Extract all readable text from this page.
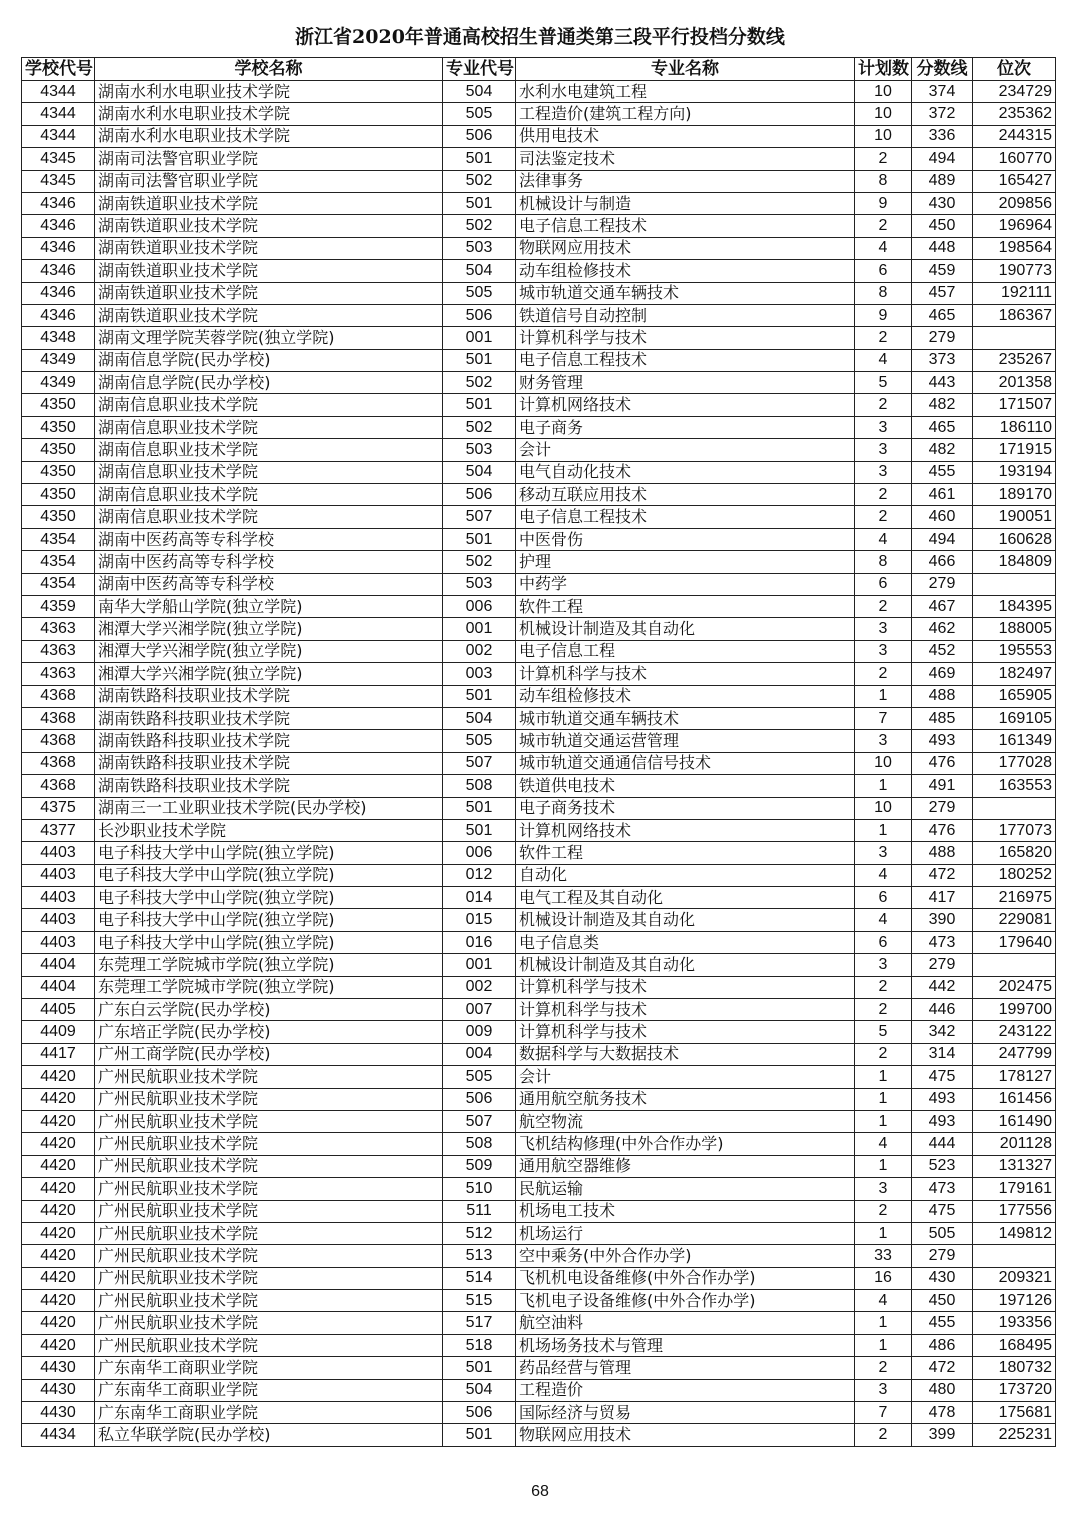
浙江省2020年普通高校招生普通类第三段平行投档分数线
学校代号	学校名称	专业代号	专业名称	计划数	分数线	位次
4344	湖南水利水电职业技术学院	504	水利水电建筑工程	10	374	234729
4344	湖南水利水电职业技术学院	505	工程造价(建筑工程方向)	10	372	235362
4344	湖南水利水电职业技术学院	506	供用电技术	10	336	244315
4345	湖南司法警官职业学院	501	司法鉴定技术	2	494	160770
4345	湖南司法警官职业学院	502	法律事务	8	489	165427
4346	湖南铁道职业技术学院	501	机械设计与制造	9	430	209856
4346	湖南铁道职业技术学院	502	电子信息工程技术	2	450	196964
4346	湖南铁道职业技术学院	503	物联网应用技术	4	448	198564
4346	湖南铁道职业技术学院	504	动车组检修技术	6	459	190773
4346	湖南铁道职业技术学院	505	城市轨道交通车辆技术	8	457	192111
4346	湖南铁道职业技术学院	506	铁道信号自动控制	9	465	186367
4348	湖南文理学院芙蓉学院(独立学院)	001	计算机科学与技术	2	279	
4349	湖南信息学院(民办学校)	501	电子信息工程技术	4	373	235267
4349	湖南信息学院(民办学校)	502	财务管理	5	443	201358
4350	湖南信息职业技术学院	501	计算机网络技术	2	482	171507
4350	湖南信息职业技术学院	502	电子商务	3	465	186110
4350	湖南信息职业技术学院	503	会计	3	482	171915
4350	湖南信息职业技术学院	504	电气自动化技术	3	455	193194
4350	湖南信息职业技术学院	506	移动互联应用技术	2	461	189170
4350	湖南信息职业技术学院	507	电子信息工程技术	2	460	190051
4354	湖南中医药高等专科学校	501	中医骨伤	4	494	160628
4354	湖南中医药高等专科学校	502	护理	8	466	184809
4354	湖南中医药高等专科学校	503	中药学	6	279	
4359	南华大学船山学院(独立学院)	006	软件工程	2	467	184395
4363	湘潭大学兴湘学院(独立学院)	001	机械设计制造及其自动化	3	462	188005
4363	湘潭大学兴湘学院(独立学院)	002	电子信息工程	3	452	195553
4363	湘潭大学兴湘学院(独立学院)	003	计算机科学与技术	2	469	182497
4368	湖南铁路科技职业技术学院	501	动车组检修技术	1	488	165905
4368	湖南铁路科技职业技术学院	504	城市轨道交通车辆技术	7	485	169105
4368	湖南铁路科技职业技术学院	505	城市轨道交通运营管理	3	493	161349
4368	湖南铁路科技职业技术学院	507	城市轨道交通通信信号技术	10	476	177028
4368	湖南铁路科技职业技术学院	508	铁道供电技术	1	491	163553
4375	湖南三一工业职业技术学院(民办学校)	501	电子商务技术	10	279	
4377	长沙职业技术学院	501	计算机网络技术	1	476	177073
4403	电子科技大学中山学院(独立学院)	006	软件工程	3	488	165820
4403	电子科技大学中山学院(独立学院)	012	自动化	4	472	180252
4403	电子科技大学中山学院(独立学院)	014	电气工程及其自动化	6	417	216975
4403	电子科技大学中山学院(独立学院)	015	机械设计制造及其自动化	4	390	229081
4403	电子科技大学中山学院(独立学院)	016	电子信息类	6	473	179640
4404	东莞理工学院城市学院(独立学院)	001	机械设计制造及其自动化	3	279	
4404	东莞理工学院城市学院(独立学院)	002	计算机科学与技术	2	442	202475
4405	广东白云学院(民办学校)	007	计算机科学与技术	2	446	199700
4409	广东培正学院(民办学校)	009	计算机科学与技术	5	342	243122
4417	广州工商学院(民办学校)	004	数据科学与大数据技术	2	314	247799
4420	广州民航职业技术学院	505	会计	1	475	178127
4420	广州民航职业技术学院	506	通用航空航务技术	1	493	161456
4420	广州民航职业技术学院	507	航空物流	1	493	161490
4420	广州民航职业技术学院	508	飞机结构修理(中外合作办学)	4	444	201128
4420	广州民航职业技术学院	509	通用航空器维修	1	523	131327
4420	广州民航职业技术学院	510	民航运输	3	473	179161
4420	广州民航职业技术学院	511	机场电工技术	2	475	177556
4420	广州民航职业技术学院	512	机场运行	1	505	149812
4420	广州民航职业技术学院	513	空中乘务(中外合作办学)	33	279	
4420	广州民航职业技术学院	514	飞机机电设备维修(中外合作办学)	16	430	209321
4420	广州民航职业技术学院	515	飞机电子设备维修(中外合作办学)	4	450	197126
4420	广州民航职业技术学院	517	航空油料	1	455	193356
4420	广州民航职业技术学院	518	机场场务技术与管理	1	486	168495
4430	广东南华工商职业学院	501	药品经营与管理	2	472	180732
4430	广东南华工商职业学院	504	工程造价	3	480	173720
4430	广东南华工商职业学院	506	国际经济与贸易	7	478	175681
4434	私立华联学院(民办学校)	501	物联网应用技术	2	399	225231
68
